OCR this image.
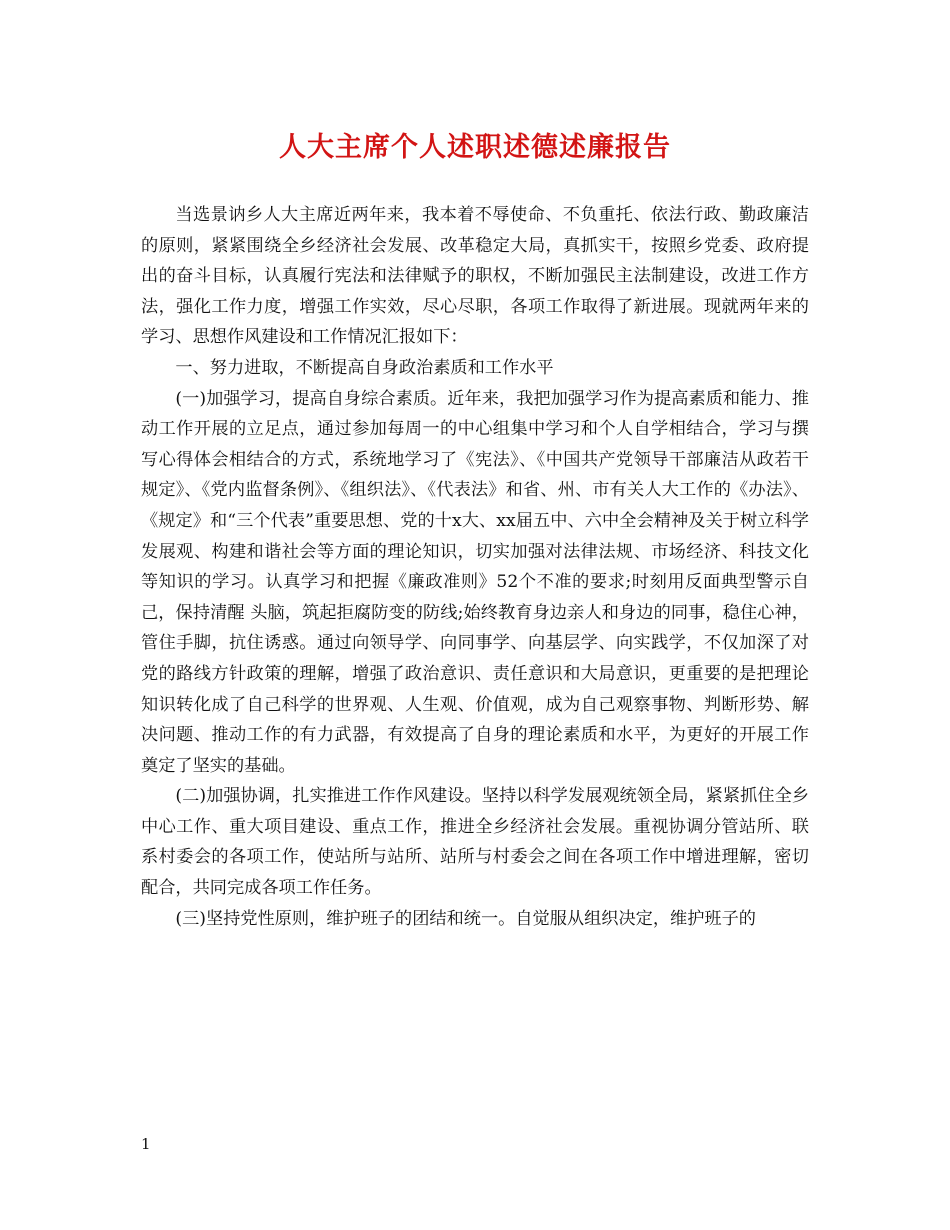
人大主席个人述职述德述廉报告

当选景讷乡人大主席近两年来，我本着不辱使命、不负重托、依法行政、勤政廉洁的原则，紧紧围绕全乡经济社会发展、改革稳定大局，真抓实干，按照乡党委、政府提出的奋斗目标，认真履行宪法和法律赋予的职权，不断加强民主法制建设，改进工作方法，强化工作力度，增强工作实效，尽心尽职，各项工作取得了新进展。现就两年来的学习、思想作风建设和工作情况汇报如下：

一、努力进取，不断提高自身政治素质和工作水平

(一)加强学习，提高自身综合素质。近年来，我把加强学习作为提高素质和能力、推动工作开展的立足点，通过参加每周一的中心组集中学习和个人自学相结合，学习与撰写心得体会相结合的方式，系统地学习了《宪法》、《中国共产党领导干部廉洁从政若干规定》、《党内监督条例》、《组织法》、《代表法》和省、州、市有关人大工作的《办法》、《规定》和“三个代表”重要思想、党的十x大、xx届五中、六中全会精神及关于树立科学发展观、构建和谐社会等方面的理论知识，切实加强对法律法规、市场经济、科技文化等知识的学习。认真学习和把握《廉政准则》52个不准的要求;时刻用反面典型警示自己，保持清醒 头脑，筑起拒腐防变的防线;始终教育身边亲人和身边的同事，稳住心神，管住手脚，抗住诱惑。通过向领导学、向同事学、向基层学、向实践学，不仅加深了对党的路线方针政策的理解，增强了政治意识、责任意识和大局意识，更重要的是把理论知识转化成了自己科学的世界观、人生观、价值观，成为自己观察事物、判断形势、解决问题、推动工作的有力武器，有效提高了自身的理论素质和水平，为更好的开展工作奠定了坚实的基础。

(二)加强协调，扎实推进工作作风建设。坚持以科学发展观统领全局，紧紧抓住全乡中心工作、重大项目建设、重点工作，推进全乡经济社会发展。重视协调分管站所、联系村委会的各项工作，使站所与站所、站所与村委会之间在各项工作中增进理解，密切配合，共同完成各项工作任务。

(三)坚持党性原则，维护班子的团结和统一。自觉服从组织决定，维护班子的

1
